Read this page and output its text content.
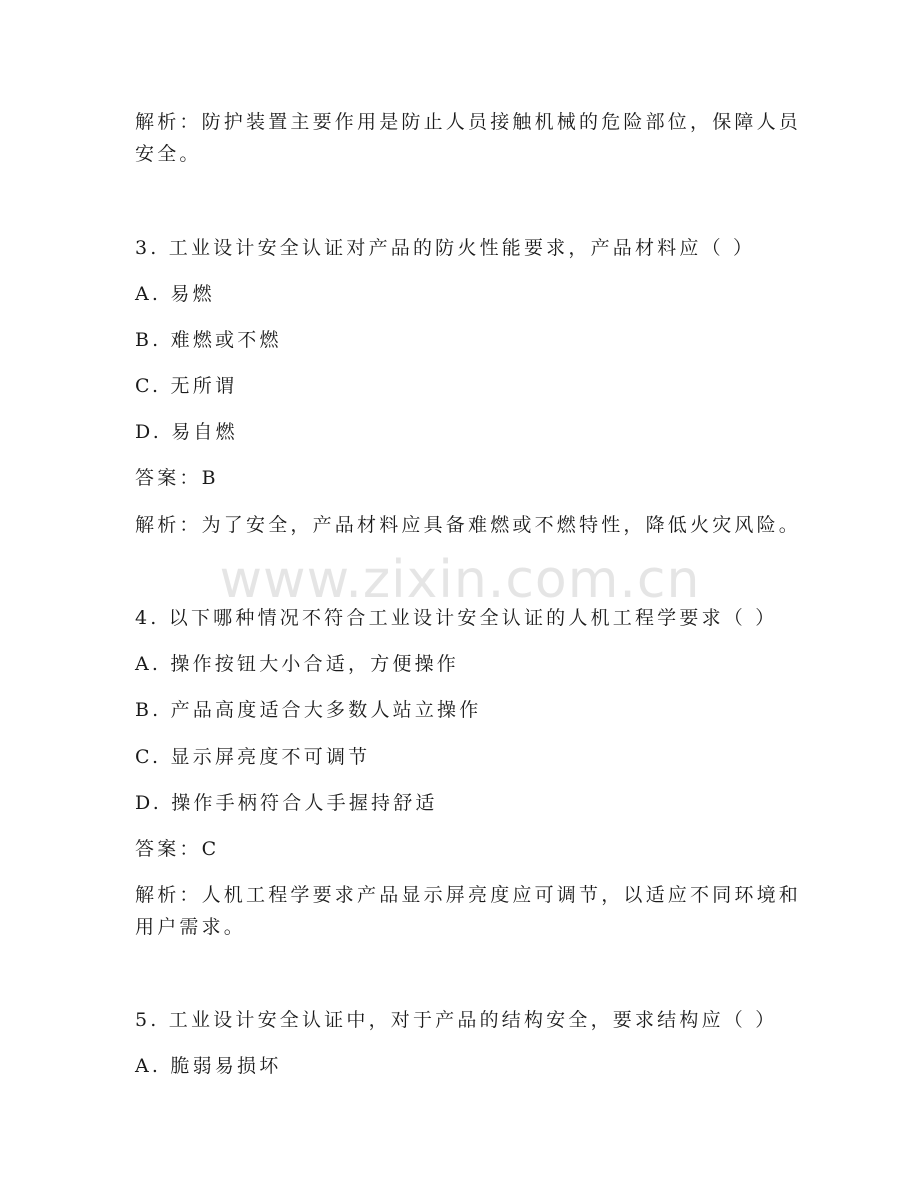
www.zixin.com.cn
解析：防护装置主要作用是防止人员接触机械的危险部位，保障人员
安全。
3. 工业设计安全认证对产品的防火性能要求，产品材料应（ ）
A. 易燃
B. 难燃或不燃
C. 无所谓
D. 易自燃
答案：B
解析：为了安全，产品材料应具备难燃或不燃特性，降低火灾风险。
4. 以下哪种情况不符合工业设计安全认证的人机工程学要求（ ）
A. 操作按钮大小合适，方便操作
B. 产品高度适合大多数人站立操作
C. 显示屏亮度不可调节
D. 操作手柄符合人手握持舒适
答案：C
解析：人机工程学要求产品显示屏亮度应可调节，以适应不同环境和
用户需求。
5. 工业设计安全认证中，对于产品的结构安全，要求结构应（ ）
A. 脆弱易损坏
